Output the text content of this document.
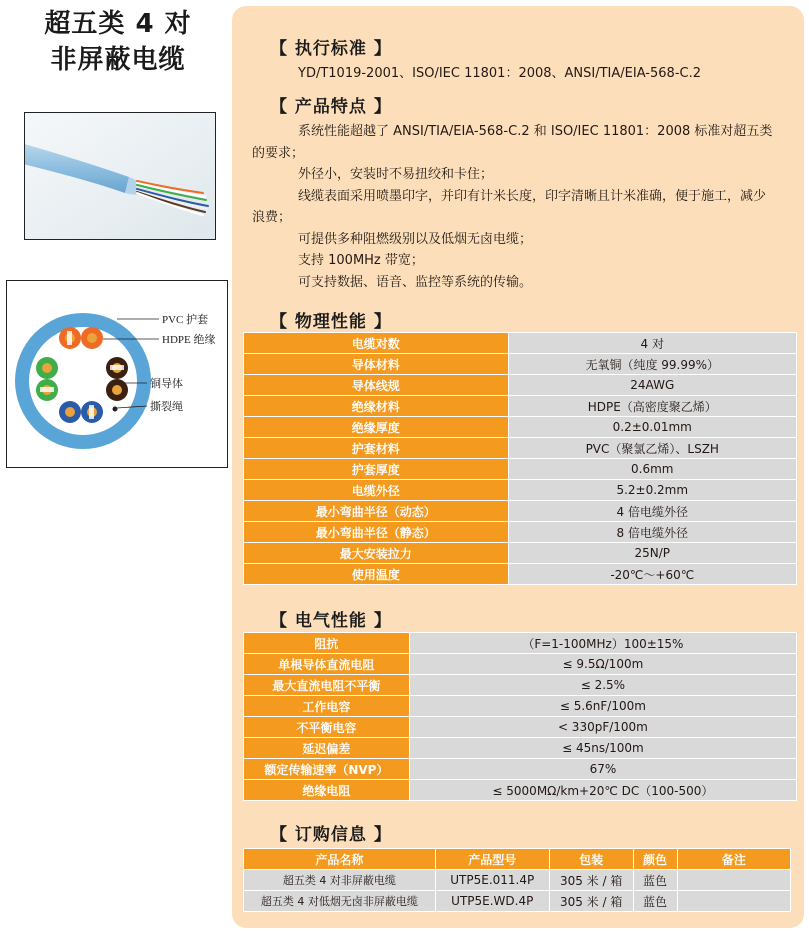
超五类 4 对
非屏蔽电缆
PVC 护套
HDPE 绝缘
铜导体
撕裂绳
【 执行标准 】
YD/T1019-2001、ISO/IEC 11801：2008、ANSI/TIA/EIA-568-C.2
【 产品特点 】
系统性能超越了 ANSI/TIA/EIA-568-C.2 和 ISO/IEC 11801：2008 标准对超五类的要求；
外径小，安装时不易扭绞和卡住；
线缆表面采用喷墨印字，并印有计米长度，印字清晰且计米准确，便于施工，减少浪费；
可提供多种阻燃级别以及低烟无卤电缆；
支持 100MHz 带宽；
可支持数据、语音、监控等系统的传输。
【 物理性能 】
电缆对数	4 对
导体材料	无氧铜（纯度 99.99%）
导体线规	24AWG
绝缘材料	HDPE（高密度聚乙烯）
绝缘厚度	0.2±0.01mm
护套材料	PVC（聚氯乙烯）、LSZH
护套厚度	0.6mm
电缆外径	5.2±0.2mm
最小弯曲半径（动态）	4 倍电缆外径
最小弯曲半径（静态）	8 倍电缆外径
最大安装拉力	25N/P
使用温度	-20℃～+60℃
【 电气性能 】
阻抗	（F=1-100MHz）100±15%
单根导体直流电阻	≤ 9.5Ω/100m
最大直流电阻不平衡	≤ 2.5%
工作电容	≤ 5.6nF/100m
不平衡电容	< 330pF/100m
延迟偏差	≤ 45ns/100m
额定传输速率（NVP）	67%
绝缘电阻	≤ 5000MΩ/km+20℃ DC（100-500）
【 订购信息 】
产品名称	产品型号	包装	颜色	备注
超五类 4 对非屏蔽电缆	UTP5E.011.4P	305 米 / 箱	蓝色	
超五类 4 对低烟无卤非屏蔽电缆	UTP5E.WD.4P	305 米 / 箱	蓝色	
